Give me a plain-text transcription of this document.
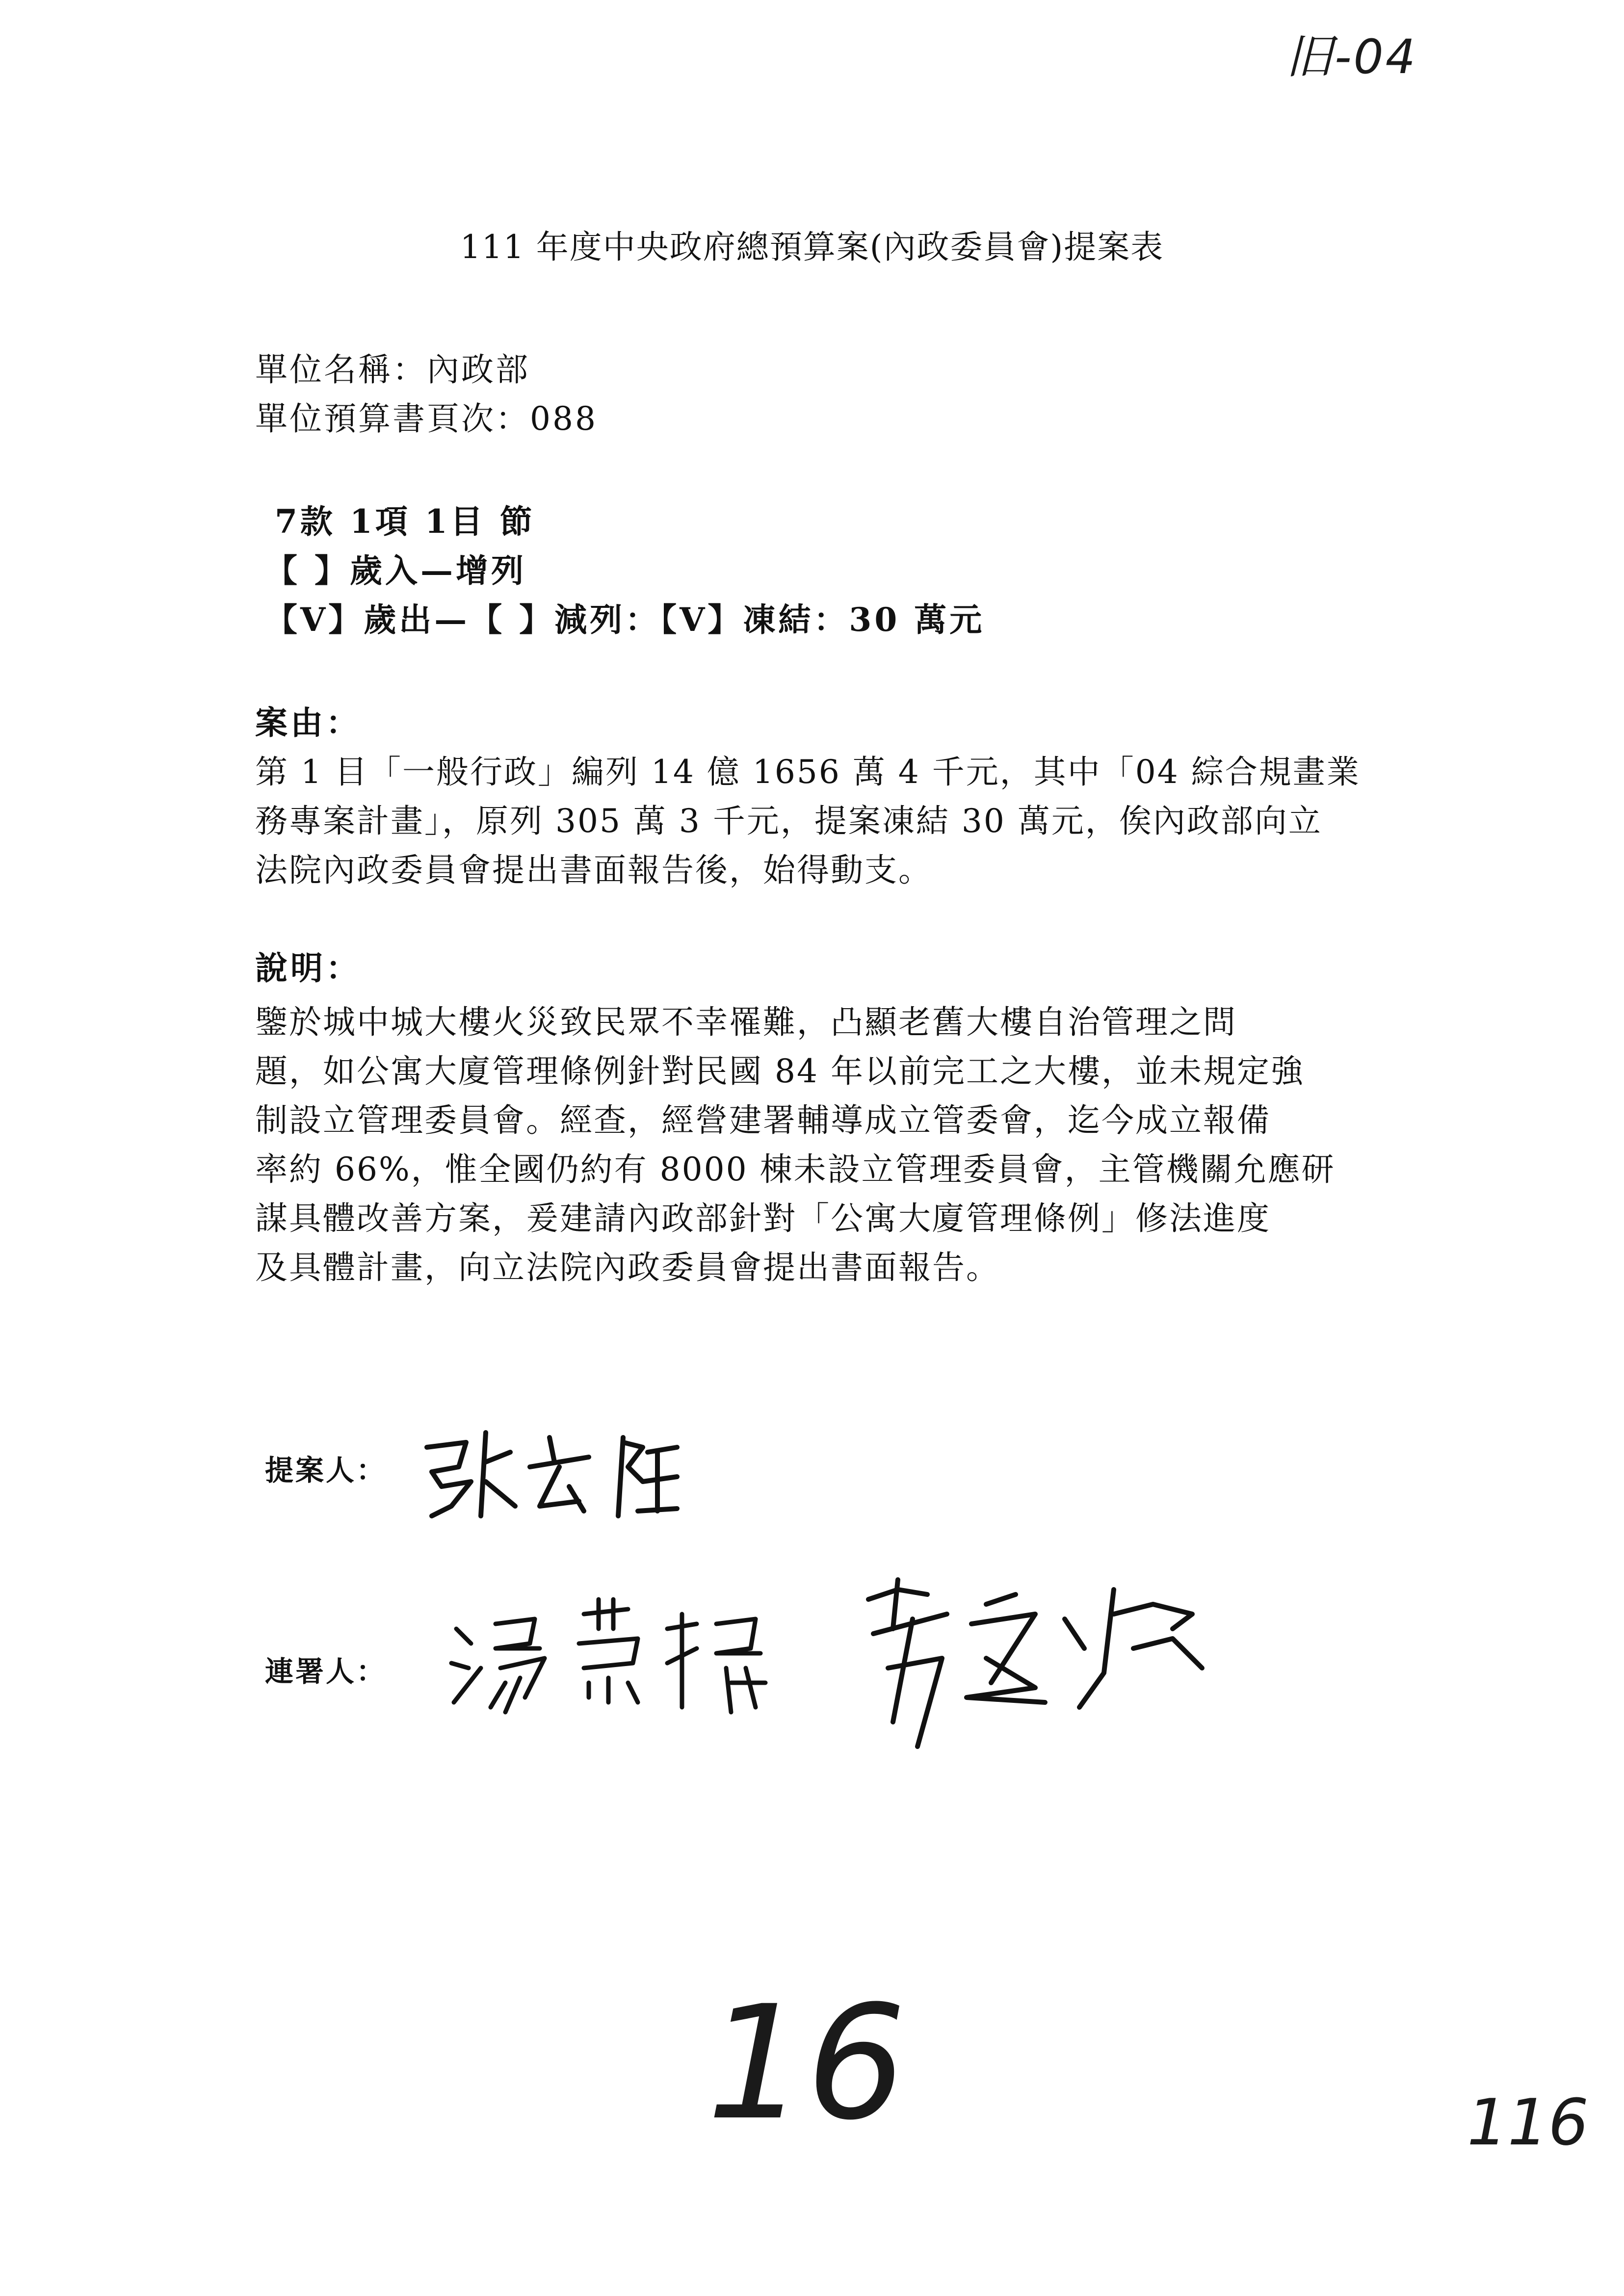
旧-04
111 年度中央政府總預算案(內政委員會)提案表
單位名稱：內政部
單位預算書頁次：088
7款 1項 1目 節
【 】歲入—增列
【V】歲出—【 】減列：【V】凍結：30 萬元
案由：
第 1 目「一般行政」編列 14 億 1656 萬 4 千元，其中「04 綜合規畫業
務專案計畫」，原列 305 萬 3 千元，提案凍結 30 萬元，俟內政部向立
法院內政委員會提出書面報告後，始得動支。
說明：
鑒於城中城大樓火災致民眾不幸罹難，凸顯老舊大樓自治管理之問
題，如公寓大廈管理條例針對民國 84 年以前完工之大樓，並未規定強
制設立管理委員會。經查，經營建署輔導成立管委會，迄今成立報備
率約 66%，惟全國仍約有 8000 棟未設立管理委員會，主管機關允應研
謀具體改善方案，爰建請內政部針對「公寓大廈管理條例」修法進度
及具體計畫，向立法院內政委員會提出書面報告。
提案人：
連署人：
16	116
